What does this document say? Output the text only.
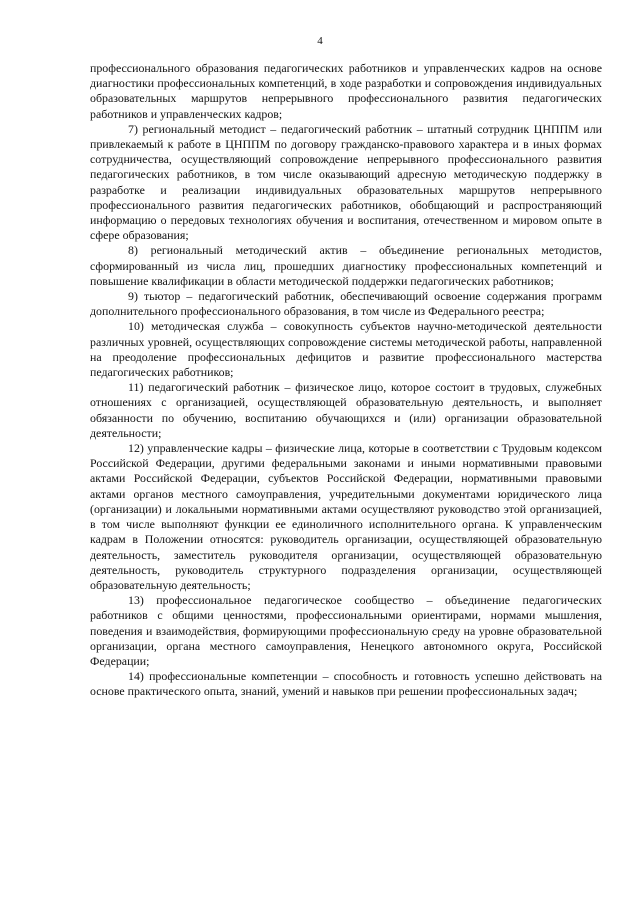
4

профессионального образования педагогических работников и управленческих кадров на основе диагностики профессиональных компетенций, в ходе разработки и сопровождения индивидуальных образовательных маршрутов непрерывного профессионального развития педагогических работников и управленческих кадров;

7) региональный методист – педагогический работник – штатный сотрудник ЦНППМ или привлекаемый к работе в ЦНППМ по договору гражданско-правового характера и в иных формах сотрудничества, осуществляющий сопровождение непрерывного профессионального развития педагогических работников, в том числе оказывающий адресную методическую поддержку в разработке и реализации индивидуальных образовательных маршрутов непрерывного профессионального развития педагогических работников, обобщающий и распространяющий информацию о передовых технологиях обучения и воспитания, отечественном и мировом опыте в сфере образования;

8) региональный методический актив – объединение региональных методистов, сформированный из числа лиц, прошедших диагностику профессиональных компетенций и повышение квалификации в области методической поддержки педагогических работников;

9) тьютор – педагогический работник, обеспечивающий освоение содержания программ дополнительного профессионального образования, в том числе из Федерального реестра;

10) методическая служба – совокупность субъектов научно-методической деятельности различных уровней, осуществляющих сопровождение системы методической работы, направленной на преодоление профессиональных дефицитов и развитие профессионального мастерства педагогических работников;

11) педагогический работник – физическое лицо, которое состоит в трудовых, служебных отношениях с организацией, осуществляющей образовательную деятельность, и выполняет обязанности по обучению, воспитанию обучающихся и (или) организации образовательной деятельности;

12) управленческие кадры – физические лица, которые в соответствии с Трудовым кодексом Российской Федерации, другими федеральными законами и иными нормативными правовыми актами Российской Федерации, субъектов Российской Федерации, нормативными правовыми актами органов местного самоуправления, учредительными документами юридического лица (организации) и локальными нормативными актами осуществляют руководство этой организацией, в том числе выполняют функции ее единоличного исполнительного органа. К управленческим кадрам в Положении относятся: руководитель организации, осуществляющей образовательную деятельность, заместитель руководителя организации, осуществляющей образовательную деятельность, руководитель структурного подразделения организации, осуществляющей образовательную деятельность;

13) профессиональное педагогическое сообщество – объединение педагогических работников с общими ценностями, профессиональными ориентирами, нормами мышления, поведения и взаимодействия, формирующими профессиональную среду на уровне образовательной организации, органа местного самоуправления, Ненецкого автономного округа, Российской Федерации;

14) профессиональные компетенции – способность и готовность успешно действовать на основе практического опыта, знаний, умений и навыков при решении профессиональных задач;
